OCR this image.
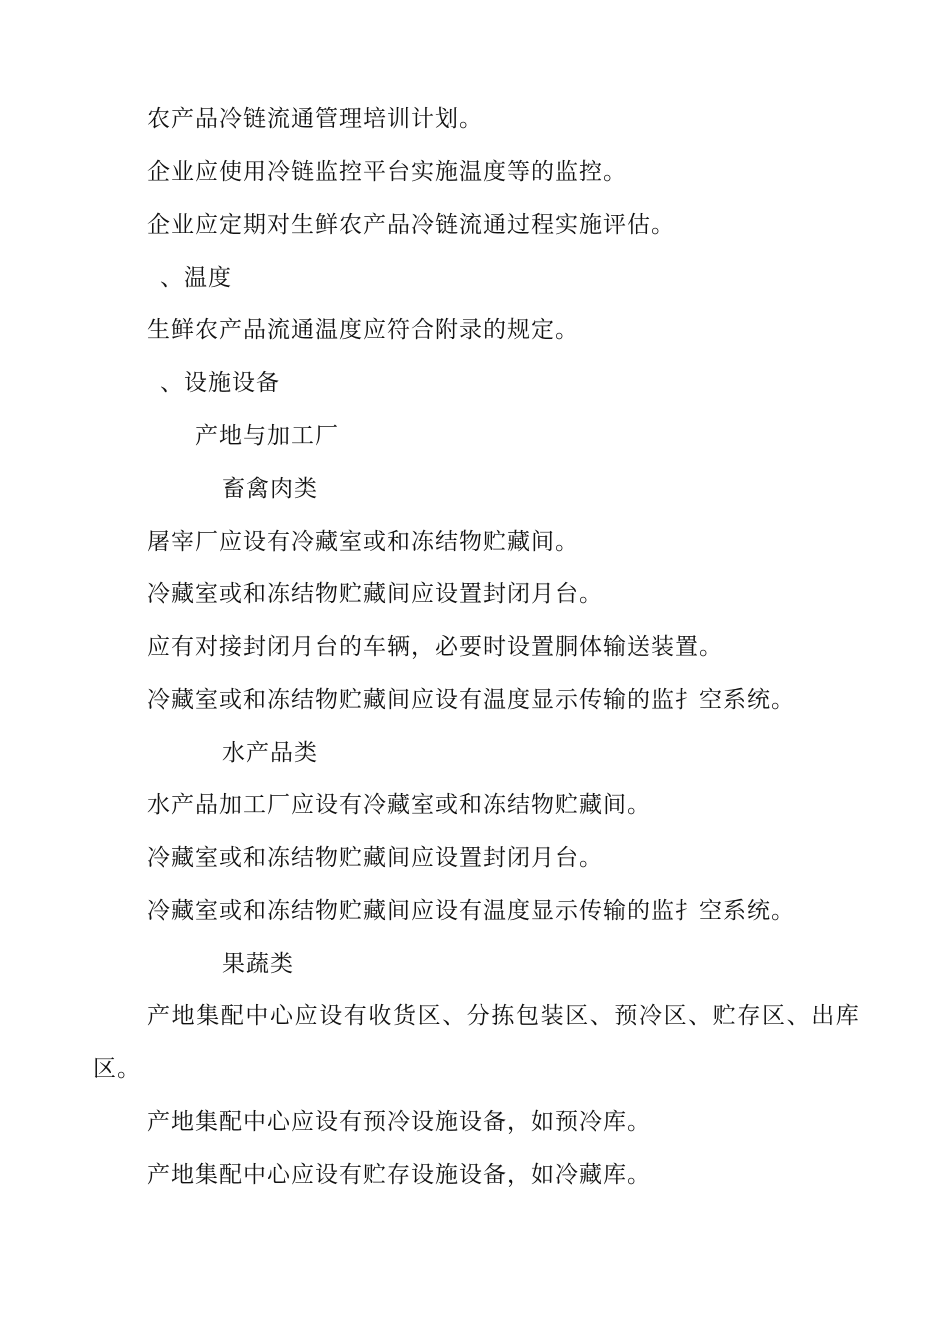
农产品冷链流通管理培训计划。
企业应使用冷链监控平台实施温度等的监控。
企业应定期对生鲜农产品冷链流通过程实施评估。
、温度
生鲜农产品流通温度应符合附录的规定。
、设施设备
产地与加工厂
畜禽肉类
屠宰厂应设有冷藏室或和冻结物贮藏间。
冷藏室或和冻结物贮藏间应设置封闭月台。
应有对接封闭月台的车辆，必要时设置胴体输送装置。
冷藏室或和冻结物贮藏间应设有温度显示传输的监扌空系统。
水产品类
水产品加工厂应设有冷藏室或和冻结物贮藏间。
冷藏室或和冻结物贮藏间应设置封闭月台。
冷藏室或和冻结物贮藏间应设有温度显示传输的监扌空系统。
果蔬类
产地集配中心应设有收货区、分拣包装区、预冷区、贮存区、出库
区。
产地集配中心应设有预冷设施设备，如预冷库。
产地集配中心应设有贮存设施设备，如冷藏库。
